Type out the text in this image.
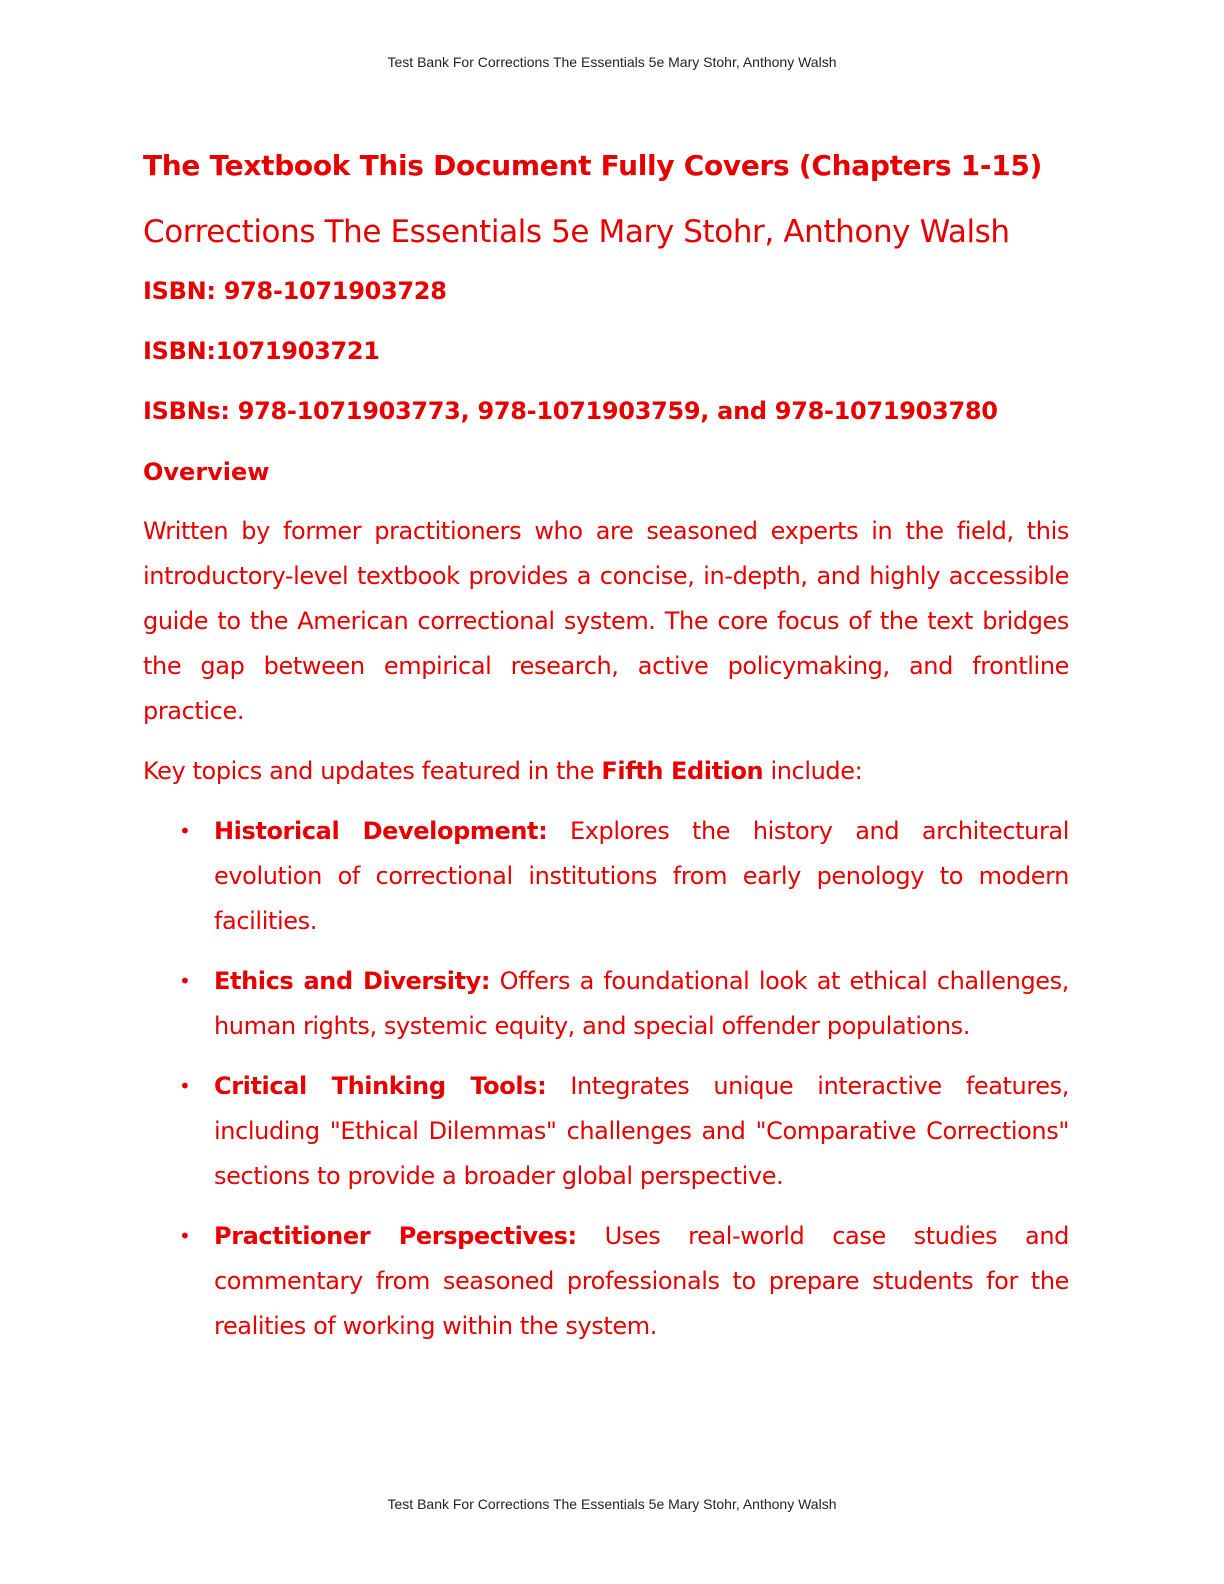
Test Bank For Corrections The Essentials 5e Mary Stohr, Anthony Walsh
The Textbook This Document Fully Covers (Chapters 1-15)
Corrections The Essentials 5e Mary Stohr, Anthony Walsh
ISBN: 978-1071903728
ISBN:1071903721
ISBNs: 978-1071903773, 978-1071903759, and 978-1071903780
Overview

Written by former practitioners who are seasoned experts in the field, this introductory-level textbook provides a concise, in-depth, and highly accessible guide to the American correctional system. The core focus of the text bridges the gap between empirical research, active policymaking, and frontline practice.

Key topics and updates featured in the Fifth Edition include:
• Historical Development: Explores the history and architectural evolution of correctional institutions from early penology to modern facilities.
• Ethics and Diversity: Offers a foundational look at ethical challenges, human rights, systemic equity, and special offender populations.
• Critical Thinking Tools: Integrates unique interactive features, including "Ethical Dilemmas" challenges and "Comparative Corrections" sections to provide a broader global perspective.
• Practitioner Perspectives: Uses real-world case studies and commentary from seasoned professionals to prepare students for the realities of working within the system.
Test Bank For Corrections The Essentials 5e Mary Stohr, Anthony Walsh
